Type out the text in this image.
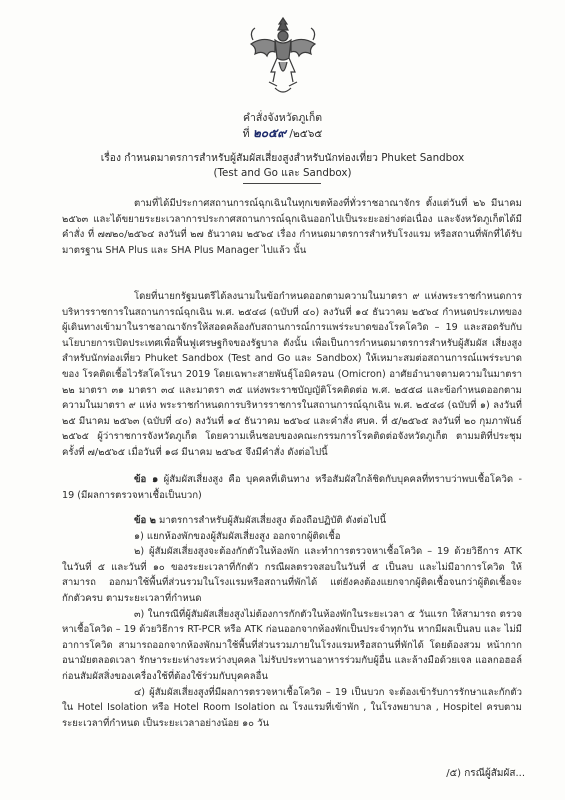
คำสั่งจังหวัดภูเก็ต
ที่ ๒๐๕๙ /๒๕๖๕
เรื่อง กำหนดมาตรการสำหรับผู้สัมผัสเสี่ยงสูงสำหรับนักท่องเที่ยว Phuket Sandbox
(Test and Go และ Sandbox)
ตามที่ได้มีประกาศสถานการณ์ฉุกเฉินในทุกเขตท้องที่ทั่วราชอาณาจักร ตั้งแต่วันที่ ๒๖ มีนาคม ๒๕๖๓ และได้ขยายระยะเวลาการประกาศสถานการณ์ฉุกเฉินออกไปเป็นระยะอย่างต่อเนื่อง และจังหวัดภูเก็ตได้มีคำสั่ง ที่ ๗๗๒๐/๒๕๖๔ ลงวันที่ ๒๗ ธันวาคม ๒๕๖๔ เรื่อง กำหนดมาตรการสำหรับโรงแรม หรือสถานที่พักที่ได้รับ มาตรฐาน SHA Plus และ SHA Plus Manager ไปแล้ว นั้น
โดยที่นายกรัฐมนตรีได้ลงนามในข้อกำหนดออกตามความในมาตรา ๙ แห่งพระราชกำหนดการ บริหารราชการในสถานการณ์ฉุกเฉิน พ.ศ. ๒๕๔๘ (ฉบับที่ ๔๐) ลงวันที่ ๑๔ ธันวาคม ๒๕๖๔ กำหนดประเภทของ ผู้เดินทางเข้ามาในราชอาณาจักรให้สอดคล้องกับสถานการณ์การแพร่ระบาดของโรคโควิด – 19 และสอดรับกับ นโยบายการเปิดประเทศเพื่อฟื้นฟูเศรษฐกิจของรัฐบาล ดังนั้น เพื่อเป็นการกำหนดมาตรการสำหรับผู้สัมผัส เสี่ยงสูงสำหรับนักท่องเที่ยว Phuket Sandbox (Test and Go และ Sandbox) ให้เหมาะสมต่อสถานการณ์แพร่ระบาดของ โรคติดเชื้อไวรัสโคโรนา 2019 โดยเฉพาะสายพันธุ์โอมิครอน (Omicron) อาศัยอำนาจตามความในมาตรา ๒๒ มาตรา ๓๑ มาตรา ๓๔ และมาตรา ๓๕ แห่งพระราชบัญญัติโรคติดต่อ พ.ศ. ๒๕๕๘ และข้อกำหนดออกตามความในมาตรา ๙ แห่ง พระราชกำหนดการบริหารราชการในสถานการณ์ฉุกเฉิน พ.ศ. ๒๕๔๘ (ฉบับที่ ๑) ลงวันที่ ๒๕ มีนาคม ๒๕๖๓ (ฉบับที่ ๔๐) ลงวันที่ ๑๔ ธันวาคม ๒๕๖๔ และคำสั่ง ศบค. ที่ ๕/๒๕๖๕ ลงวันที่ ๒๐ กุมภาพันธ์ ๒๕๖๕ ผู้ว่าราชการจังหวัดภูเก็ต โดยความเห็นชอบของคณะกรรมการโรคติดต่อจังหวัดภูเก็ต ตามมติที่ประชุมครั้งที่ ๗/๒๕๖๕ เมื่อวันที่ ๑๘ มีนาคม ๒๕๖๕ จึงมีคำสั่ง ดังต่อไปนี้
ข้อ ๑ ผู้สัมผัสเสี่ยงสูง คือ บุคคลที่เดินทาง หรือสัมผัสใกล้ชิดกับบุคคลที่ทราบว่าพบเชื้อโควิด - 19 (มีผลการตรวจหาเชื้อเป็นบวก)
ข้อ ๒ มาตรการสำหรับผู้สัมผัสเสี่ยงสูง ต้องถือปฏิบัติ ดังต่อไปนี้
๑) แยกห้องพักของผู้สัมผัสเสี่ยงสูง ออกจากผู้ติดเชื้อ
๒) ผู้สัมผัสเสี่ยงสูงจะต้องกักตัวในห้องพัก และทำการตรวจหาเชื้อโควิด – 19 ด้วยวิธีการ ATK ในวันที่ ๕ และวันที่ ๑๐ ของระยะเวลาที่กักตัว กรณีผลตรวจสอบในวันที่ ๕ เป็นลบ และไม่มีอาการโควิด ให้สามารถ ออกมาใช้พื้นที่ส่วนรวมในโรงแรมหรือสถานที่พักได้ แต่ยังคงต้องแยกจากผู้ติดเชื้อจนกว่าผู้ติดเชื้อจะกักตัวครบ ตามระยะเวลาที่กำหนด
๓) ในกรณีที่ผู้สัมผัสเสี่ยงสูงไม่ต้องการกักตัวในห้องพักในระยะเวลา ๕ วันแรก ให้สามารถ ตรวจหาเชื้อโควิด – 19 ด้วยวิธีการ RT-PCR หรือ ATK ก่อนออกจากห้องพักเป็นประจำทุกวัน หากมีผลเป็นลบ และ ไม่มีอาการโควิด สามารถออกจากห้องพักมาใช้พื้นที่ส่วนรวมภายในโรงแรมหรือสถานที่พักได้ โดยต้องสวม หน้ากากอนามัยตลอดเวลา รักษาระยะห่างระหว่างบุคคล ไม่รับประทานอาหารร่วมกับผู้อื่น และล้างมือด้วยเจล แอลกอฮอล์ก่อนสัมผัสสิ่งของเครื่องใช้ที่ต้องใช้ร่วมกับบุคคลอื่น
๔) ผู้สัมผัสเสี่ยงสูงที่มีผลการตรวจหาเชื้อโควิด – 19 เป็นบวก จะต้องเข้ารับการรักษาและกักตัว ใน Hotel Isolation หรือ Hotel Room Isolation ณ โรงแรมที่เข้าพัก , ในโรงพยาบาล , Hospitel ครบตาม ระยะเวลาที่กำหนด เป็นระยะเวลาอย่างน้อย ๑๐ วัน
/๕) กรณีผู้สัมผัส...
